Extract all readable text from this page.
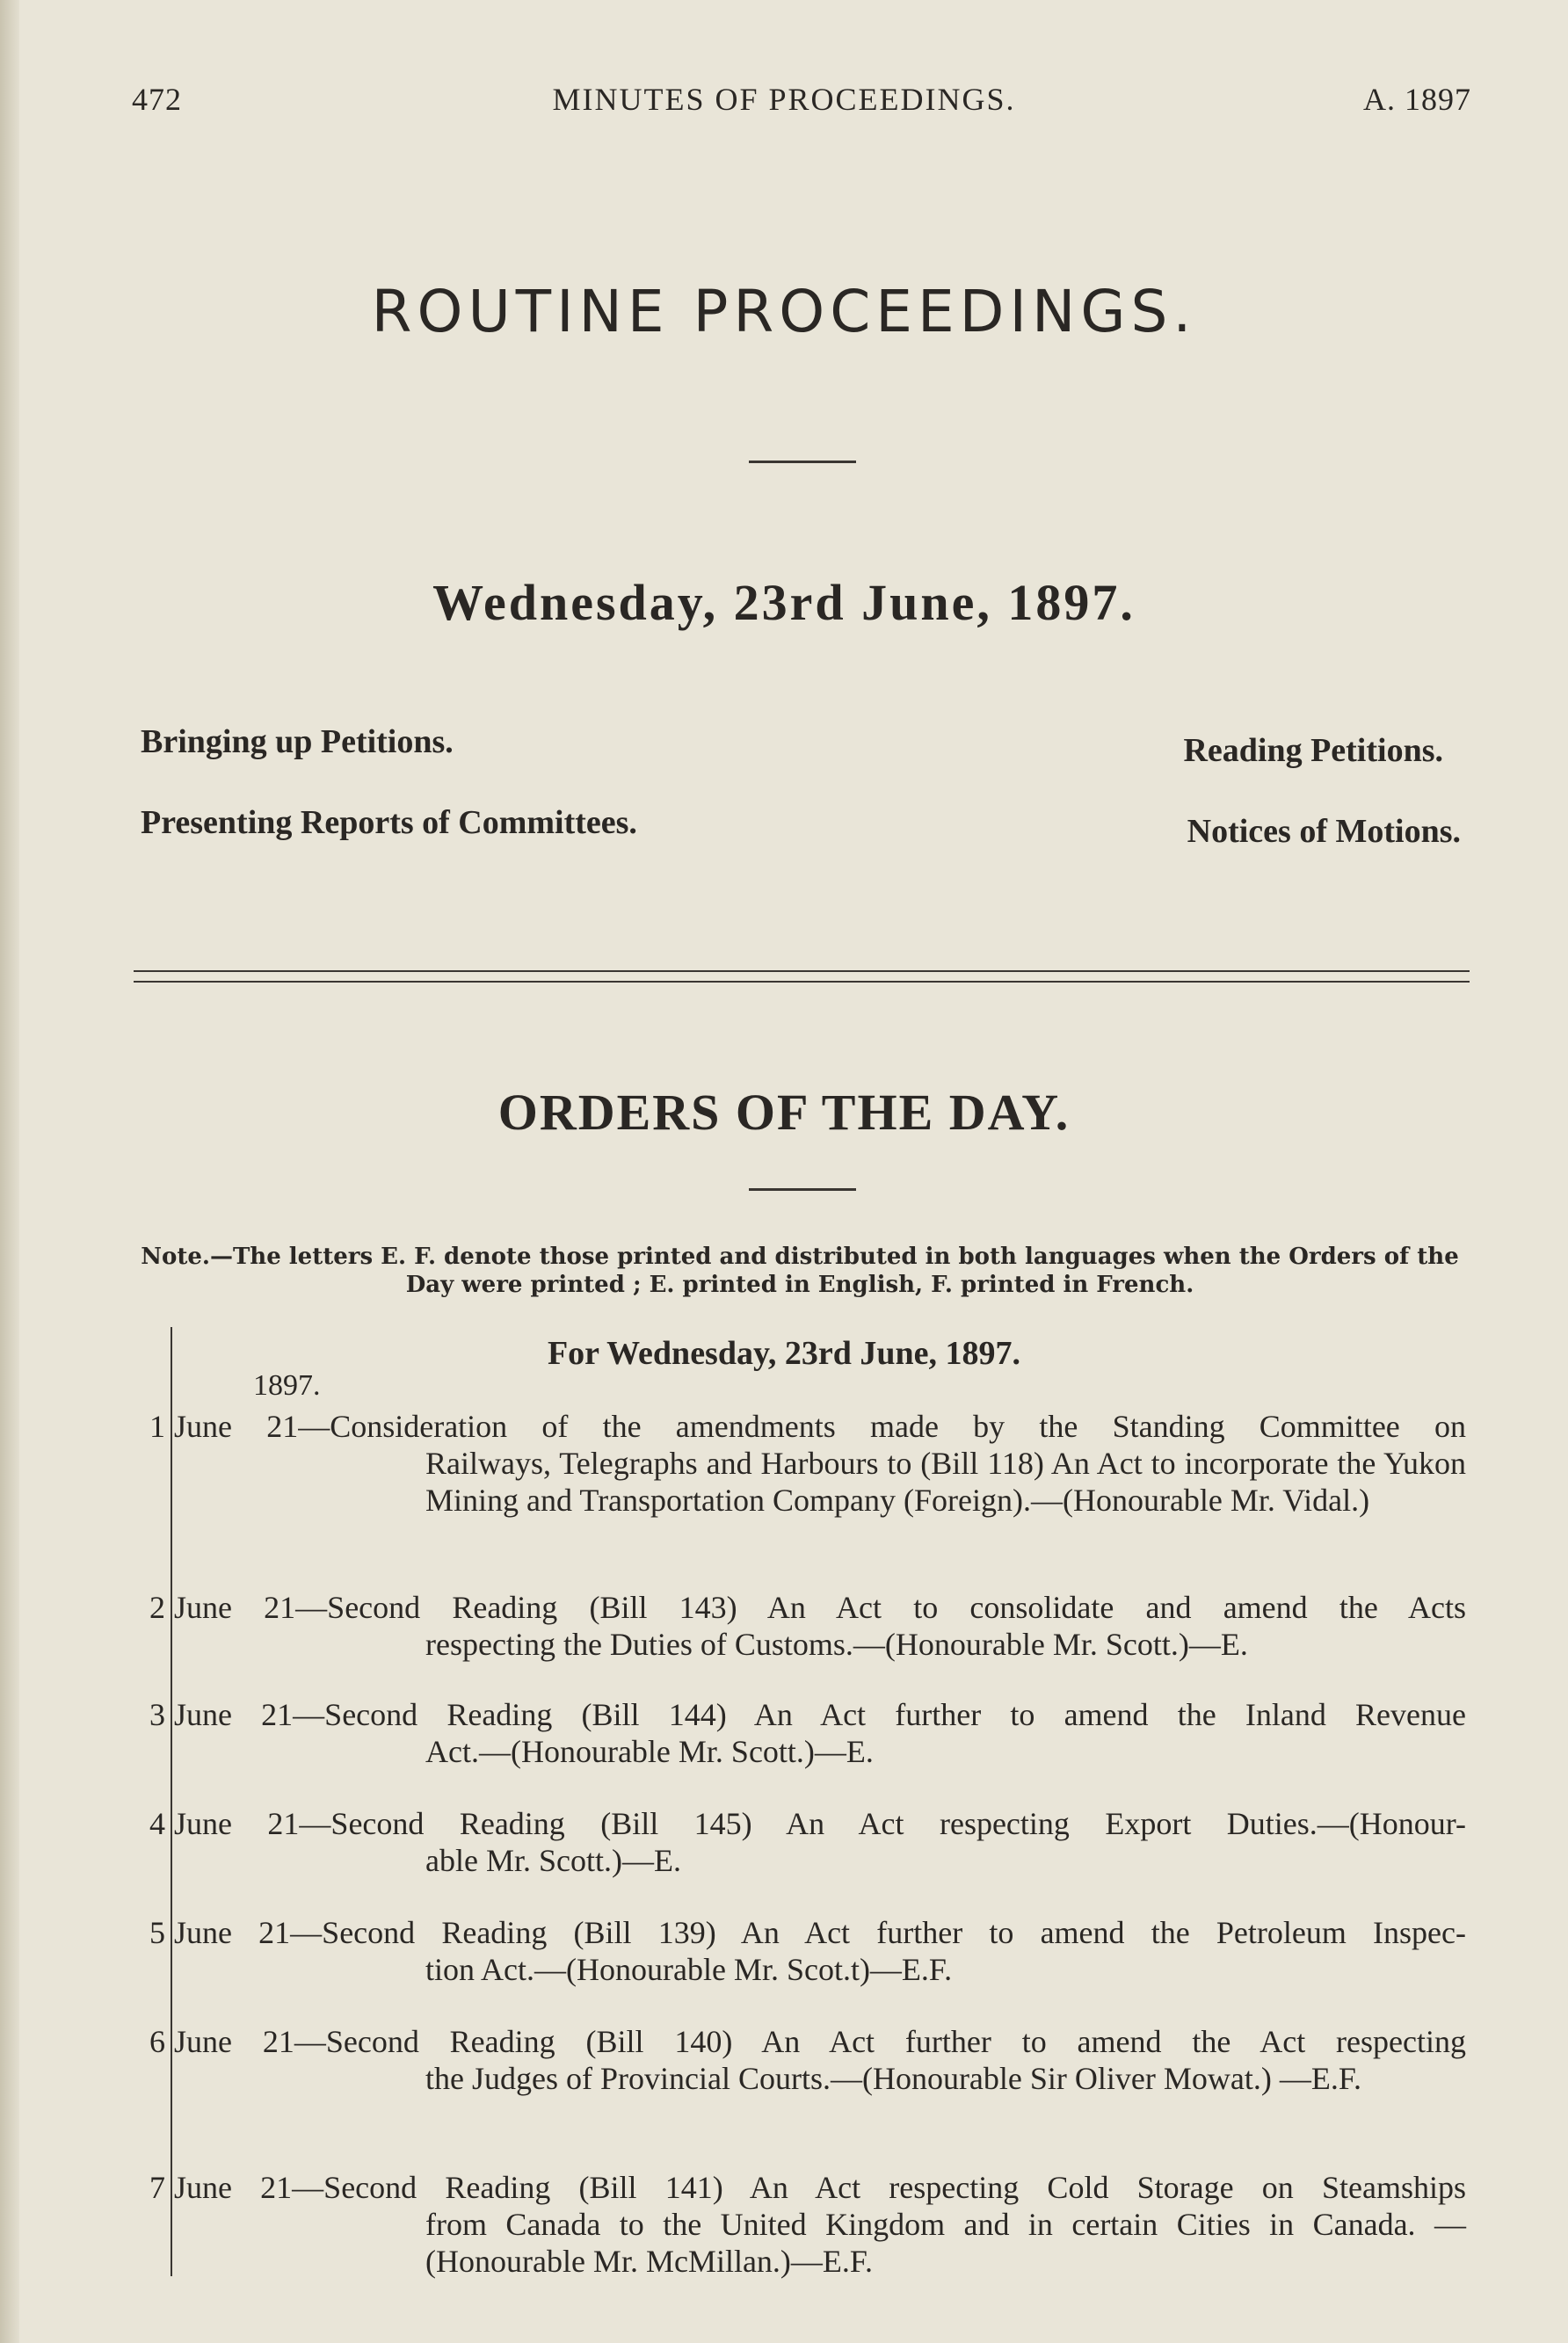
MINUTES OF PROCEEDINGS.
472	A. 1897
ROUTINE PROCEEDINGS.
Wednesday, 23rd June, 1897.
Bringing up Petitions.	Reading Petitions.
Presenting Reports of Committees.	Notices of Motions.
ORDERS OF THE DAY.
Note.—The letters E. F. denote those printed and distributed in both languages when the Orders of the
Day were printed ; E. printed in English, F. printed in French.
For Wednesday, 23rd June, 1897.
1897.
1 June 21—Consideration of the amendments made by the Standing Committee on
Railways, Telegraphs and Harbours to (Bill 118) An Act to incorporate the Yukon Mining and Transportation Company (Foreign).—(Honourable Mr. Vidal.)
2 June 21—Second Reading (Bill 143) An Act to consolidate and amend the Acts
respecting the Duties of Customs.—(Honourable Mr. Scott.)—E.
3 June 21—Second Reading (Bill 144) An Act further to amend the Inland Revenue
Act.—(Honourable Mr. Scott.)—E.
4 June 21—Second Reading (Bill 145) An Act respecting Export Duties.—(Honour-
able Mr. Scott.)—E.
5 June 21—Second Reading (Bill 139) An Act further to amend the Petroleum Inspec-
tion Act.—(Honourable Mr. Scot.t)—E.F.
6 June 21—Second Reading (Bill 140) An Act further to amend the Act respecting
the Judges of Provincial Courts.—(Honourable Sir Oliver Mowat.) —E.F.
7 June 21—Second Reading (Bill 141) An Act respecting Cold Storage on Steamships
from Canada to the United Kingdom and in certain Cities in Canada. —(Honourable Mr. McMillan.)—E.F.
